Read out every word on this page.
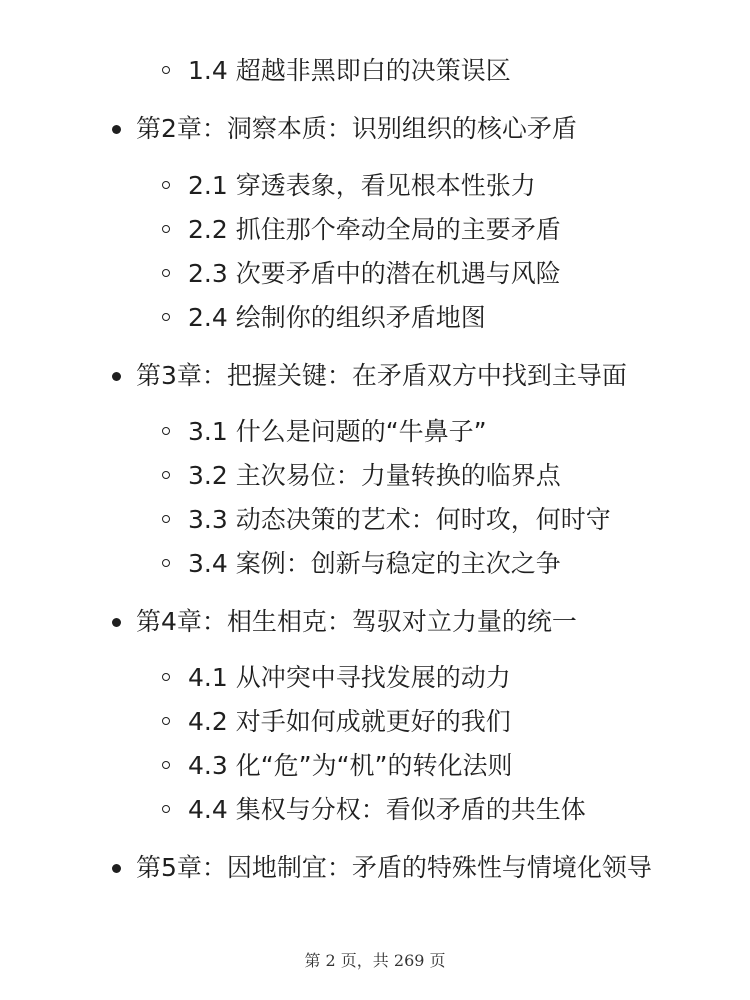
1.4 超越非黑即白的决策误区
第2章：洞察本质：识别组织的核心矛盾
2.1 穿透表象，看见根本性张力
2.2 抓住那个牵动全局的主要矛盾
2.3 次要矛盾中的潜在机遇与风险
2.4 绘制你的组织矛盾地图
第3章：把握关键：在矛盾双方中找到主导面
3.1 什么是问题的“牛鼻子”
3.2 主次易位：力量转换的临界点
3.3 动态决策的艺术：何时攻，何时守
3.4 案例：创新与稳定的主次之争
第4章：相生相克：驾驭对立力量的统一
4.1 从冲突中寻找发展的动力
4.2 对手如何成就更好的我们
4.3 化“危”为“机”的转化法则
4.4 集权与分权：看似矛盾的共生体
第5章：因地制宜：矛盾的特殊性与情境化领导
第 2 页，共 269 页
